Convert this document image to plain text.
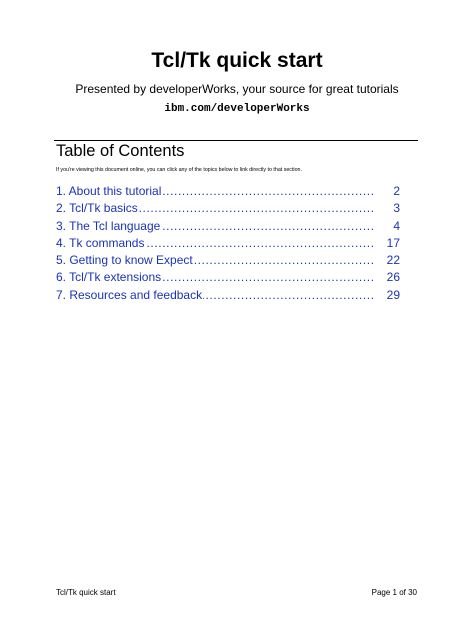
Tcl/Tk quick start
Presented by developerWorks, your source for great tutorials
ibm.com/developerWorks
Table of Contents
If you're viewing this document online, you can click any of the topics below to link directly to that section.
.....
1. About this tutorial	2
.....
2. Tcl/Tk basics	3
.....
3. The Tcl language	4
.....
4. Tk commands	17
.....
5. Getting to know Expect	22
.....
6. Tcl/Tk extensions	26
.....
7. Resources and feedback	29
Tcl/Tk quick start	Page 1 of 30
